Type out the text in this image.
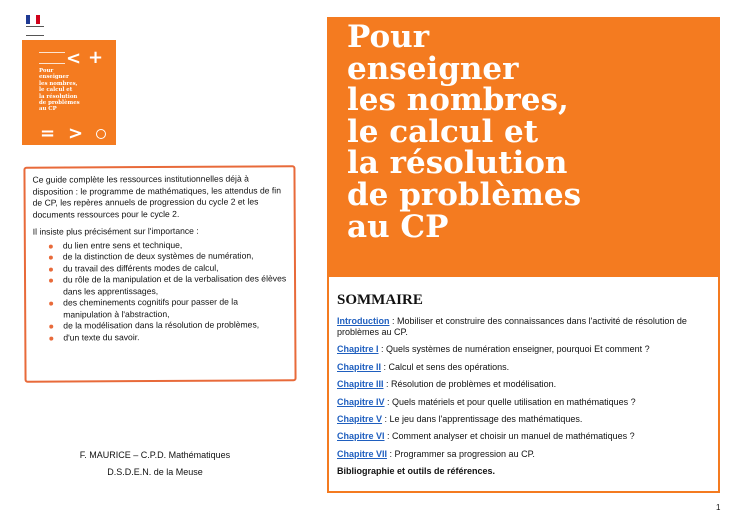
< +
Pour
enseigner
les nombres,
le calcul et
la résolution
de problèmes
au CP
= >

Ce guide complète les ressources institutionnelles déjà à disposition : le programme de mathématiques, les attendus de fin de CP, les repères annuels de progression du cycle 2 et les documents ressources pour le cycle 2.

Il insiste plus précisément sur l'importance :

du lien entre sens et technique,
de la distinction de deux systèmes de numération,
du travail des différents modes de calcul,
du rôle de la manipulation et de la verbalisation des élèves dans les apprentissages,
des cheminements cognitifs pour passer de la manipulation à l'abstraction,
de la modélisation dans la résolution de problèmes,
d'un texte du savoir.
F. MAURICE – C.P.D. Mathématiques
D.S.D.E.N. de la Meuse
Pour
enseigner
les nombres,
le calcul et
la résolution
de problèmes
au CP
SOMMAIRE
Introduction : Mobiliser et construire des connaissances dans l'activité de résolution de problèmes au CP.
Chapitre I : Quels systèmes de numération enseigner, pourquoi Et comment ?
Chapitre II : Calcul et sens des opérations.
Chapitre III : Résolution de problèmes et modélisation.
Chapitre IV : Quels matériels et pour quelle utilisation en mathématiques ?
Chapitre V : Le jeu dans l'apprentissage des mathématiques.
Chapitre VI : Comment analyser et choisir un manuel de mathématiques ?
Chapitre VII : Programmer sa progression au CP.
Bibliographie et outils de références.
1
